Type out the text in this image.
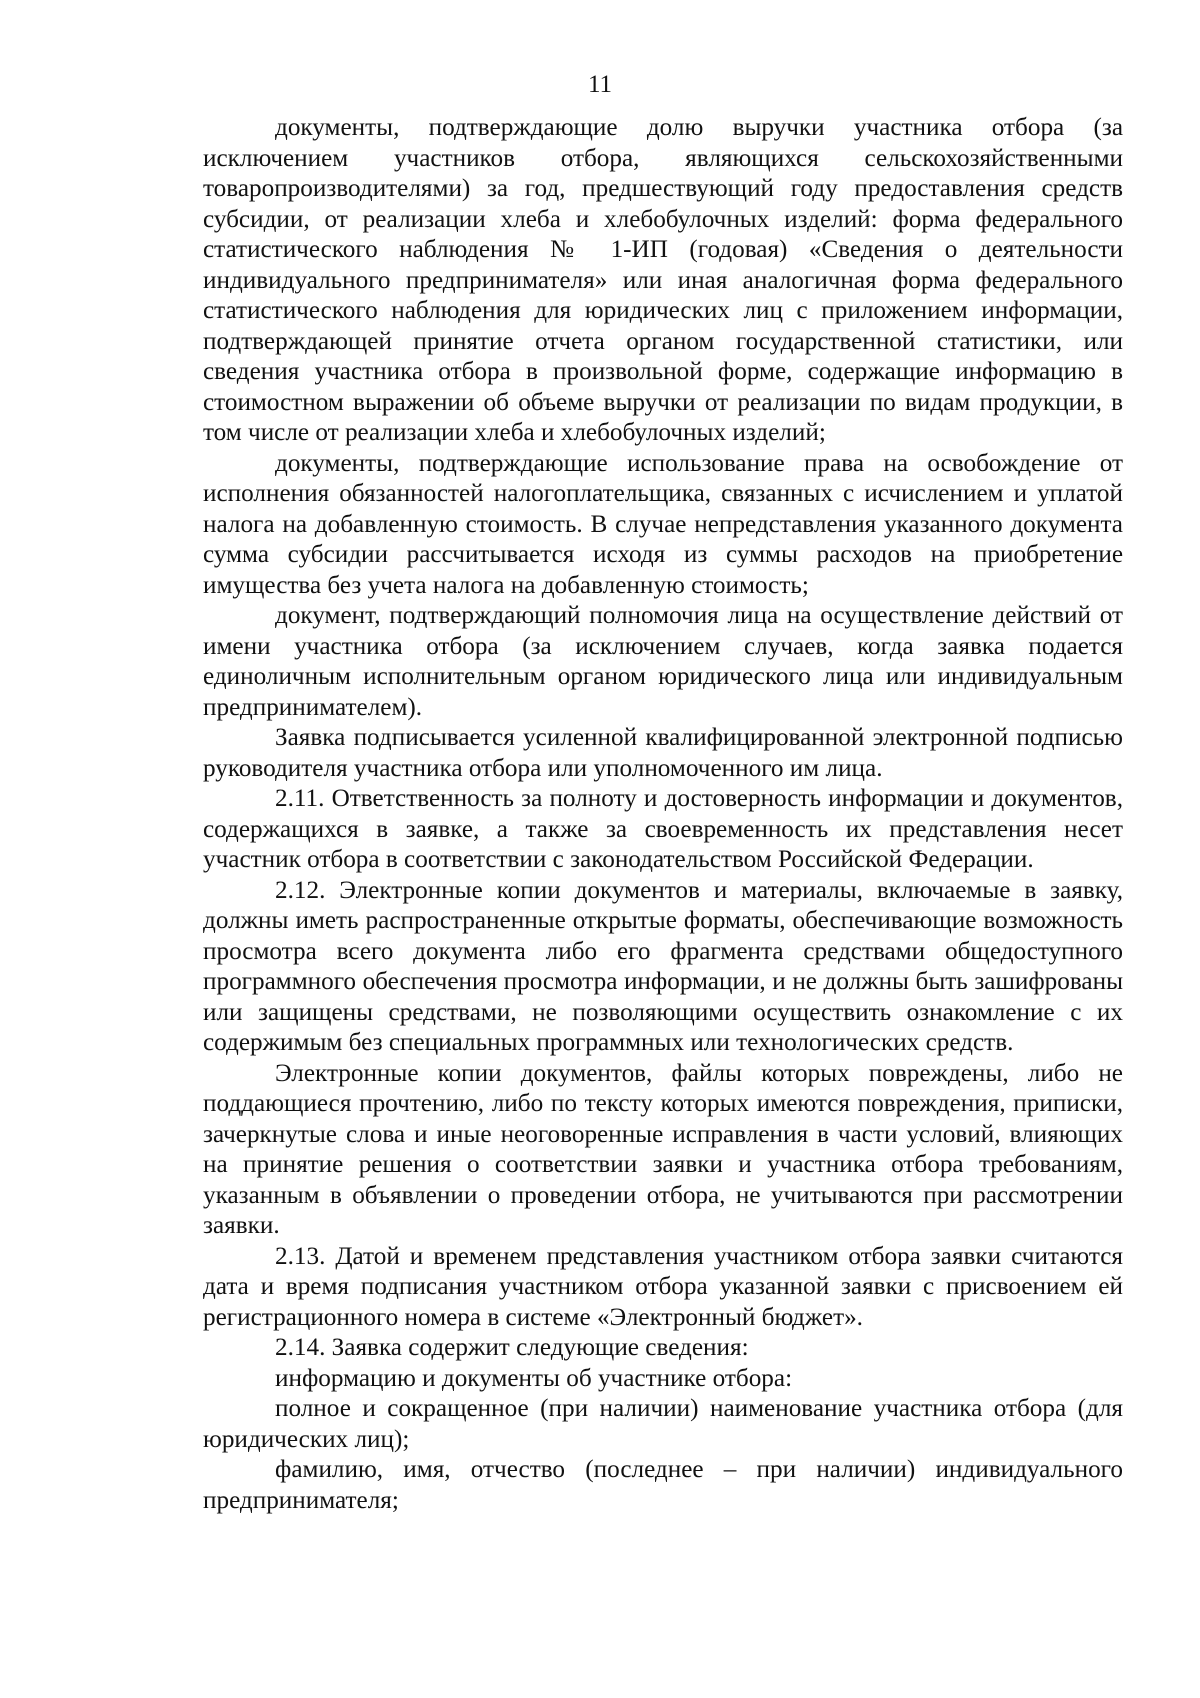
11

документы, подтверждающие долю выручки участника отбора (за исключением участников отбора, являющихся сельскохозяйственными товаропроизводителями) за год, предшествующий году предоставления средств субсидии, от реализации хлеба и хлебобулочных изделий: форма федерального статистического наблюдения № 1-ИП (годовая) «Сведения о деятельности индивидуального предпринимателя» или иная аналогичная форма федерального статистического наблюдения для юридических лиц с приложением информации, подтверждающей принятие отчета органом государственной статистики, или сведения участника отбора в произвольной форме, содержащие информацию в стоимостном выражении об объеме выручки от реализации по видам продукции, в том числе от реализации хлеба и хлебобулочных изделий;

документы, подтверждающие использование права на освобождение от исполнения обязанностей налогоплательщика, связанных с исчислением и уплатой налога на добавленную стоимость. В случае непредставления указанного документа сумма субсидии рассчитывается исходя из суммы расходов на приобретение имущества без учета налога на добавленную стоимость;

документ, подтверждающий полномочия лица на осуществление действий от имени участника отбора (за исключением случаев, когда заявка подается единоличным исполнительным органом юридического лица или индивидуальным предпринимателем).

Заявка подписывается усиленной квалифицированной электронной подписью руководителя участника отбора или уполномоченного им лица.

2.11. Ответственность за полноту и достоверность информации и документов, содержащихся в заявке, а также за своевременность их представления несет участник отбора в соответствии с законодательством Российской Федерации.

2.12. Электронные копии документов и материалы, включаемые в заявку, должны иметь распространенные открытые форматы, обеспечивающие возможность просмотра всего документа либо его фрагмента средствами общедоступного программного обеспечения просмотра информации, и не должны быть зашифрованы или защищены средствами, не позволяющими осуществить ознакомление с их содержимым без специальных программных или технологических средств.

Электронные копии документов, файлы которых повреждены, либо не поддающиеся прочтению, либо по тексту которых имеются повреждения, приписки, зачеркнутые слова и иные неоговоренные исправления в части условий, влияющих на принятие решения о соответствии заявки и участника отбора требованиям, указанным в объявлении о проведении отбора, не учитываются при рассмотрении заявки.

2.13. Датой и временем представления участником отбора заявки считаются дата и время подписания участником отбора указанной заявки с присвоением ей регистрационного номера в системе «Электронный бюджет».

2.14. Заявка содержит следующие сведения:

информацию и документы об участнике отбора:

полное и сокращенное (при наличии) наименование участника отбора (для юридических лиц);

фамилию, имя, отчество (последнее – при наличии) индивидуального предпринимателя;
